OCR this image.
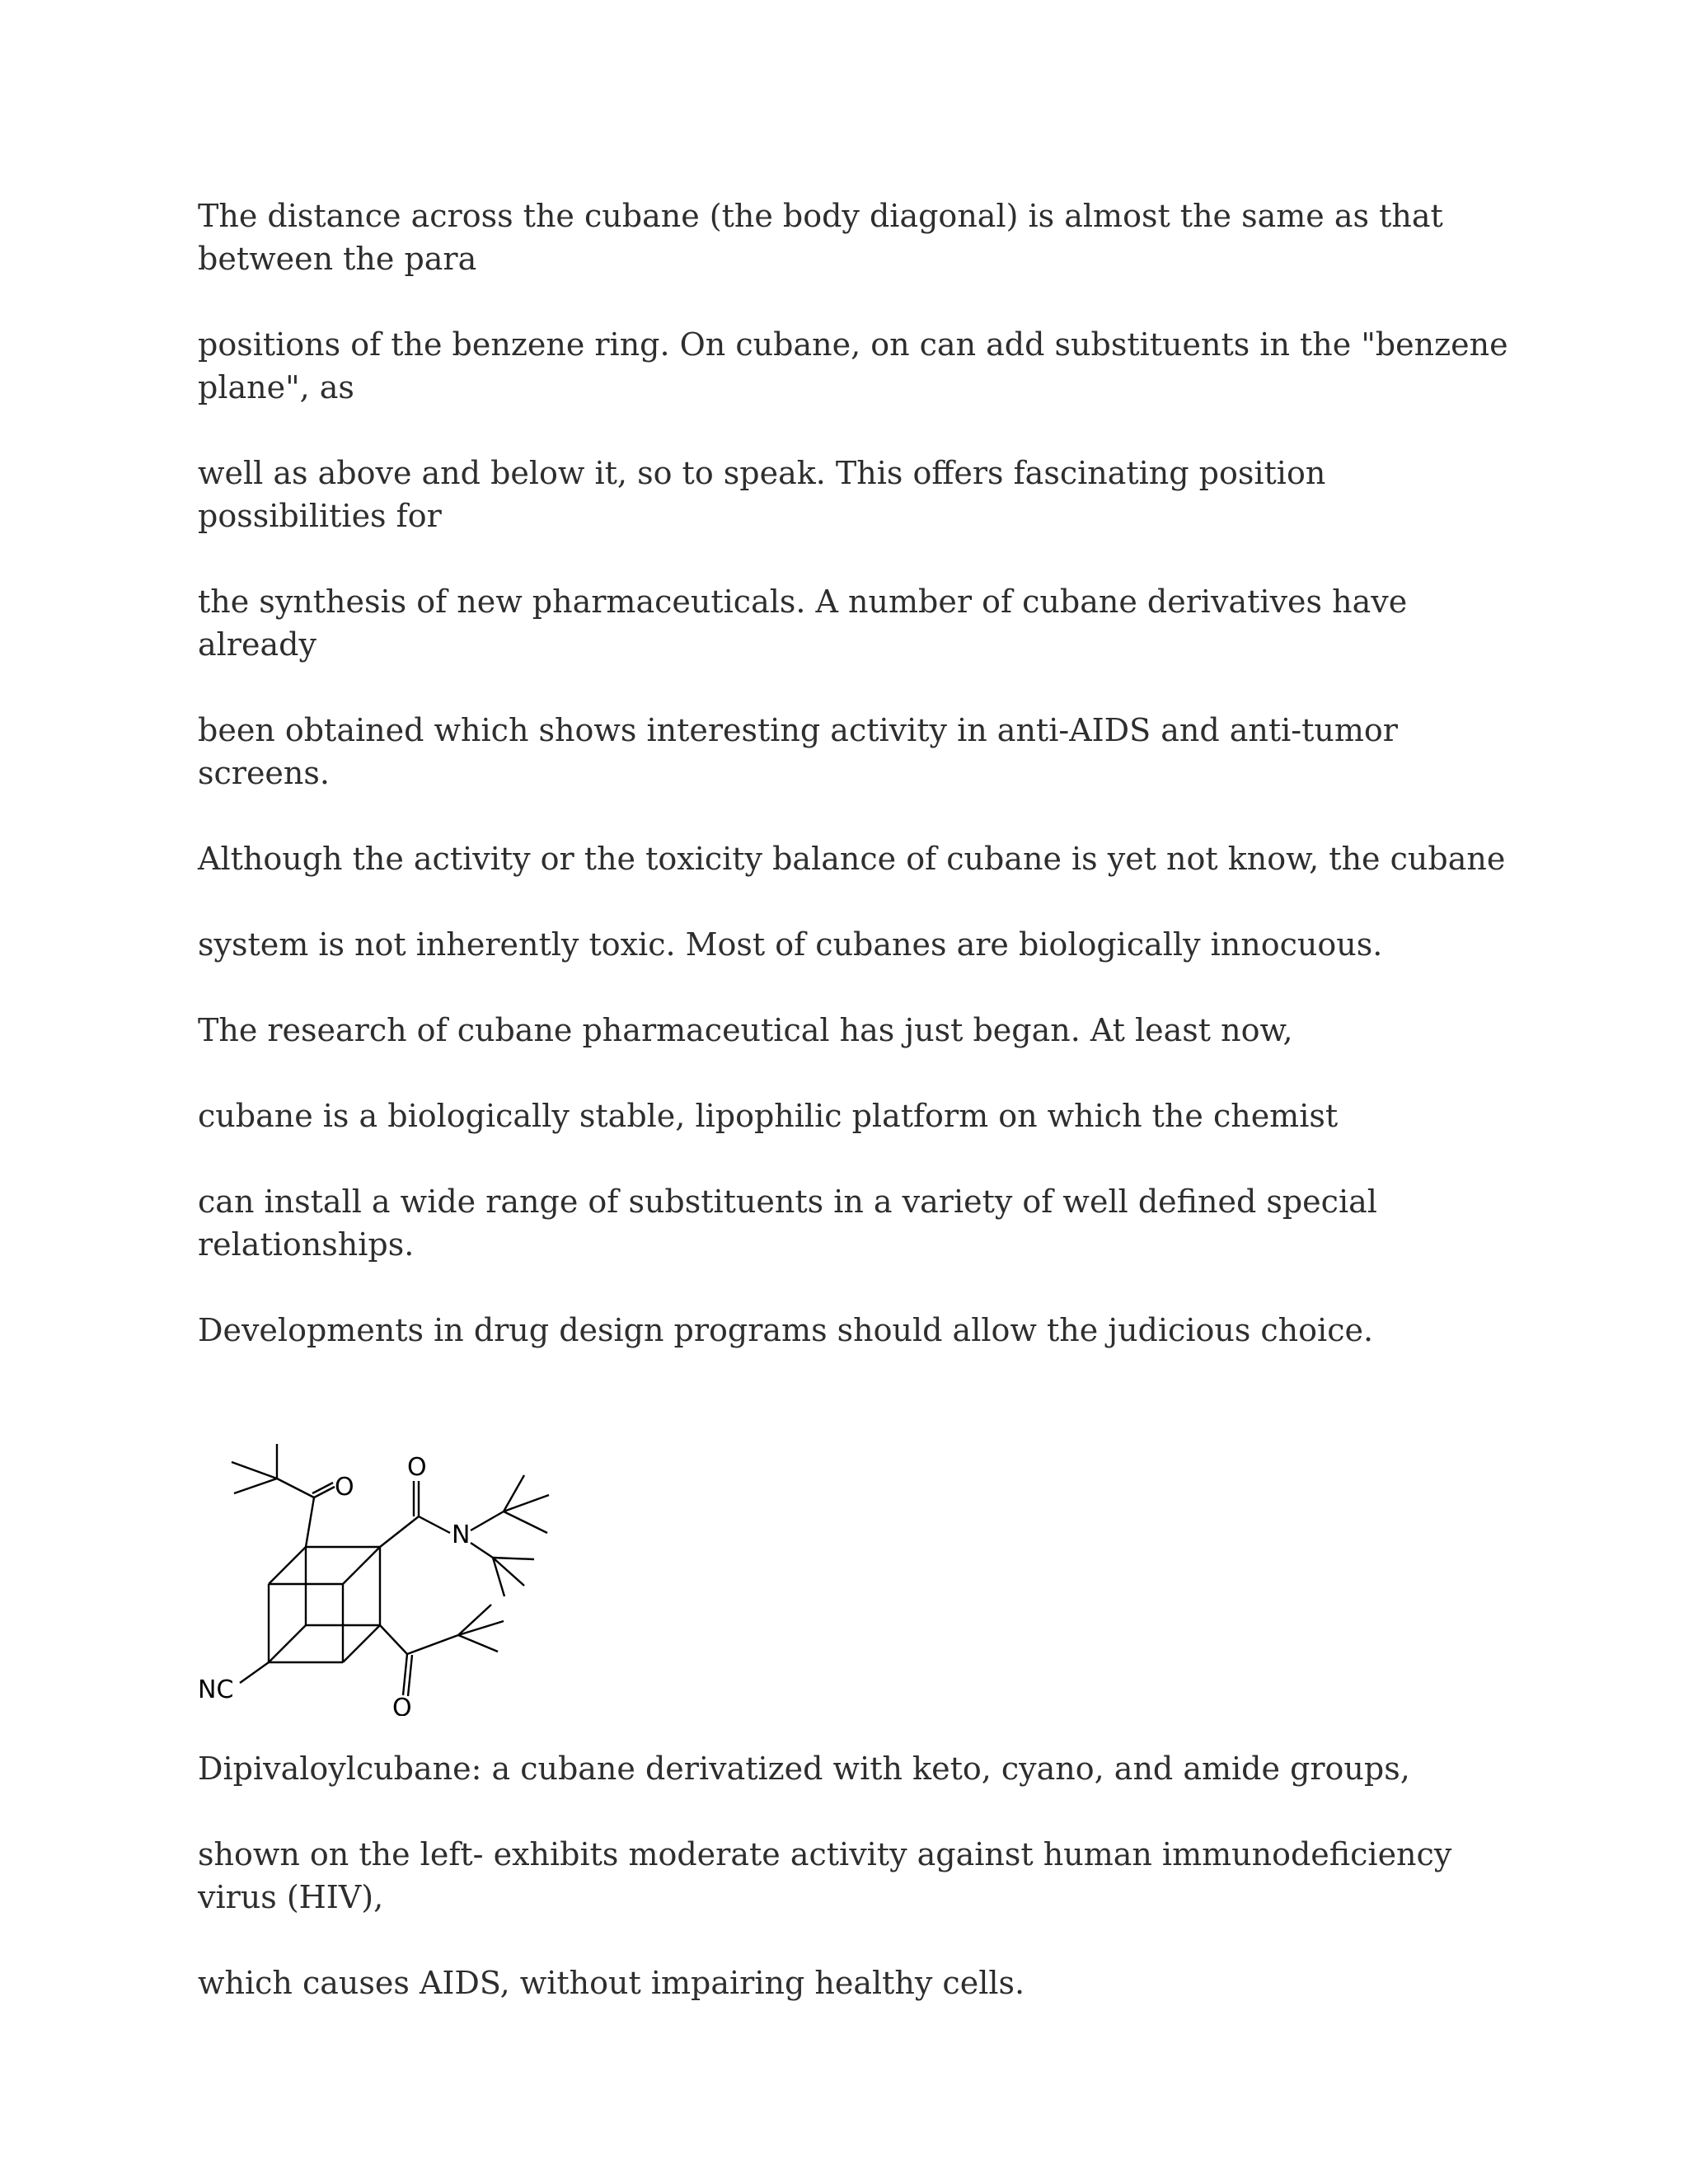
The distance across the cubane (the body diagonal) is almost the same as that between the para

positions of the benzene ring. On cubane, on can add substituents in the "benzene plane", as

well as above and below it, so to speak. This offers fascinating position possibilities for

the synthesis of new pharmaceuticals. A number of cubane derivatives have already

been obtained which shows interesting activity in anti-AIDS and anti-tumor screens.

Although the activity or the toxicity balance of cubane is yet not know, the cubane

system is not inherently toxic. Most of cubanes are biologically innocuous.

The research of cubane pharmaceutical has just began. At least now,

cubane is a biologically stable, lipophilic platform on which the chemist

can install a wide range of substituents in a variety of well defined special relationships.

Developments in drug design programs should allow the judicious choice.

O
O
N
O
NC

Dipivaloylcubane: a cubane derivatized with keto, cyano, and amide groups,

shown on the left- exhibits moderate activity against human immunodeficiency virus (HIV),

which causes AIDS, without impairing healthy cells.
